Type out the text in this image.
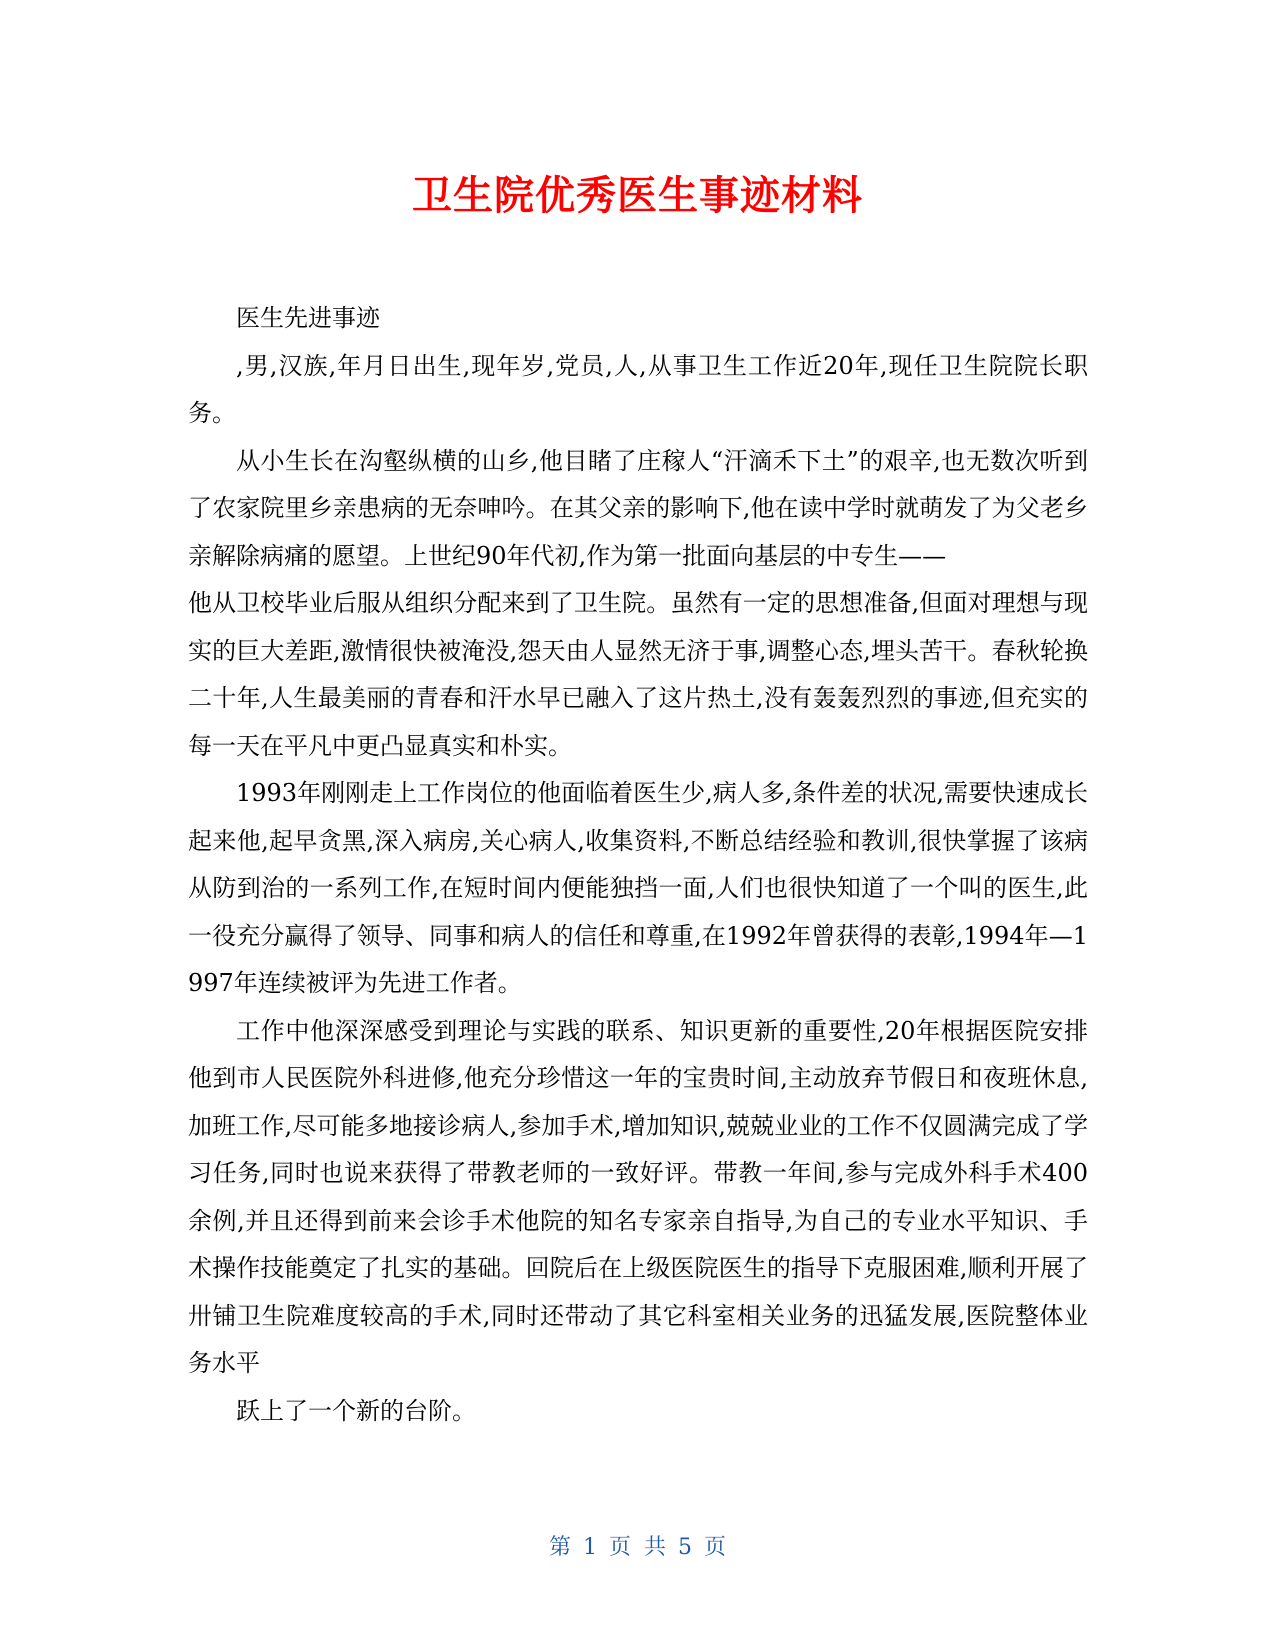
卫生院优秀医生事迹材料

医生先进事迹

,男,汉族,年月日出生,现年岁,党员,人,从事卫生工作近20年,现任卫生院院长职务。

从小生长在沟壑纵横的山乡,他目睹了庄稼人“汗滴禾下土”的艰辛,也无数次听到了农家院里乡亲患病的无奈呻吟。在其父亲的影响下,他在读中学时就萌发了为父老乡亲解除病痛的愿望。上世纪90年代初,作为第一批面向基层的中专生——

他从卫校毕业后服从组织分配来到了卫生院。虽然有一定的思想准备,但面对理想与现实的巨大差距,激情很快被淹没,怨天由人显然无济于事,调整心态,埋头苦干。春秋轮换二十年,人生最美丽的青春和汗水早已融入了这片热土,没有轰轰烈烈的事迹,但充实的每一天在平凡中更凸显真实和朴实。

1993年刚刚走上工作岗位的他面临着医生少,病人多,条件差的状况,需要快速成长起来他,起早贪黑,深入病房,关心病人,收集资料,不断总结经验和教训,很快掌握了该病从防到治的一系列工作,在短时间内便能独挡一面,人们也很快知道了一个叫的医生,此一役充分赢得了领导、同事和病人的信任和尊重,在1992年曾获得的表彰,1994年—1997年连续被评为先进工作者。

工作中他深深感受到理论与实践的联系、知识更新的重要性,20年根据医院安排他到市人民医院外科进修,他充分珍惜这一年的宝贵时间,主动放弃节假日和夜班休息,加班工作,尽可能多地接诊病人,参加手术,增加知识,兢兢业业的工作不仅圆满完成了学习任务,同时也说来获得了带教老师的一致好评。带教一年间,参与完成外科手术400余例,并且还得到前来会诊手术他院的知名专家亲自指导,为自己的专业水平知识、手术操作技能奠定了扎实的基础。回院后在上级医院医生的指导下克服困难,顺利开展了卅铺卫生院难度较高的手术,同时还带动了其它科室相关业务的迅猛发展,医院整体业务水平

跃上了一个新的台阶。

第 1 页 共 5 页
